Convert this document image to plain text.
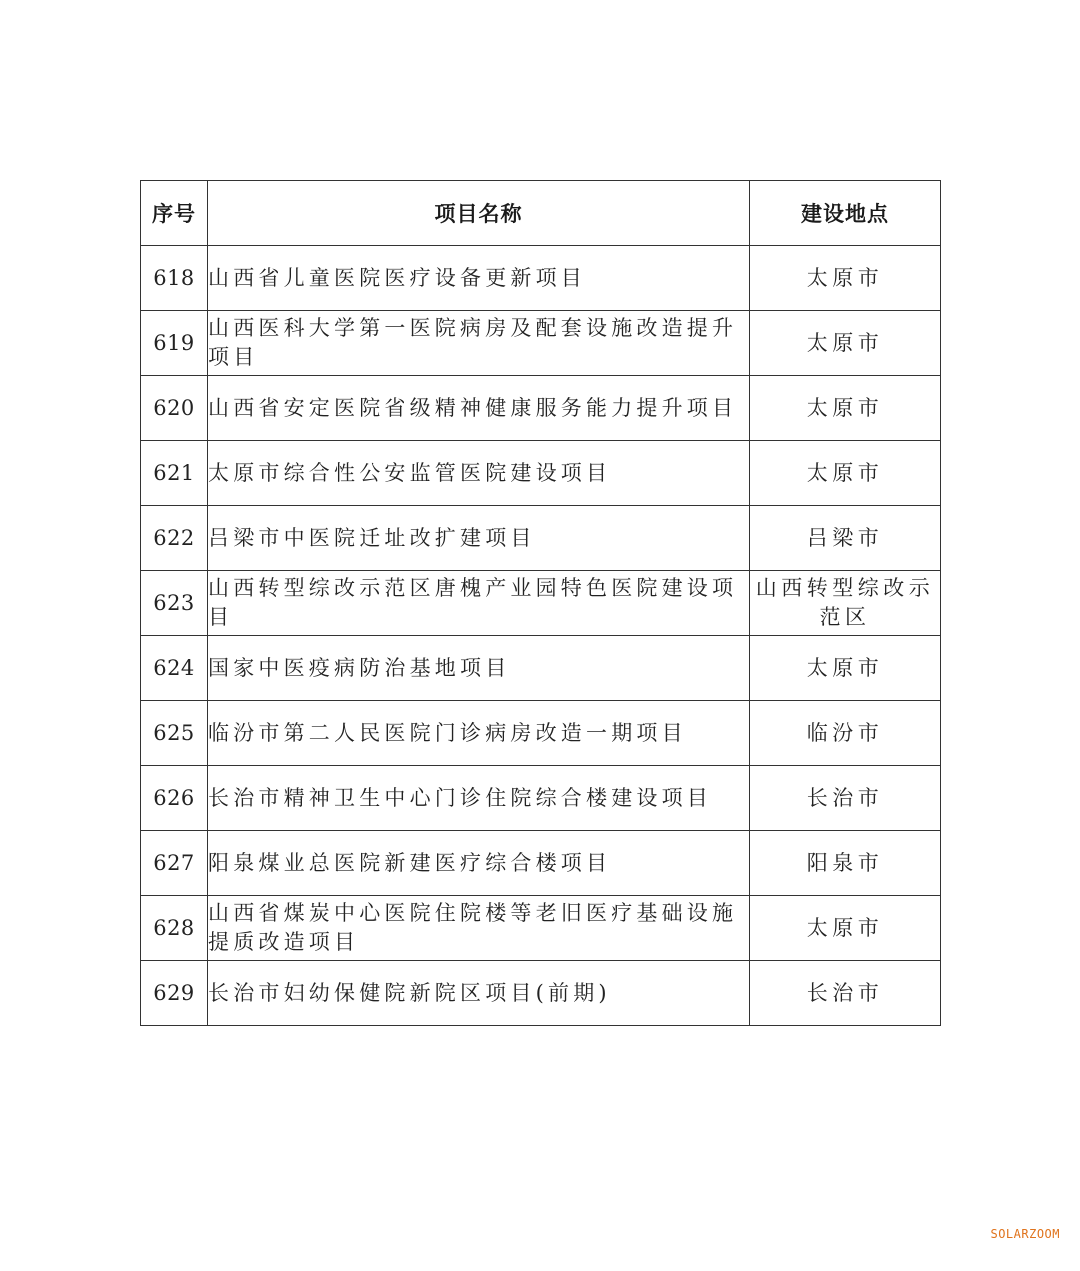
序号	项目名称	建设地点
618	山西省儿童医院医疗设备更新项目	太原市
619	山西医科大学第一医院病房及配套设施改造提升项目	太原市
620	山西省安定医院省级精神健康服务能力提升项目	太原市
621	太原市综合性公安监管医院建设项目	太原市
622	吕梁市中医院迁址改扩建项目	吕梁市
623	山西转型综改示范区唐槐产业园特色医院建设项目	山西转型综改示范区
624	国家中医疫病防治基地项目	太原市
625	临汾市第二人民医院门诊病房改造一期项目	临汾市
626	长治市精神卫生中心门诊住院综合楼建设项目	长治市
627	阳泉煤业总医院新建医疗综合楼项目	阳泉市
628	山西省煤炭中心医院住院楼等老旧医疗基础设施提质改造项目	太原市
629	长治市妇幼保健院新院区项目(前期)	长治市
SOLARZOOM
